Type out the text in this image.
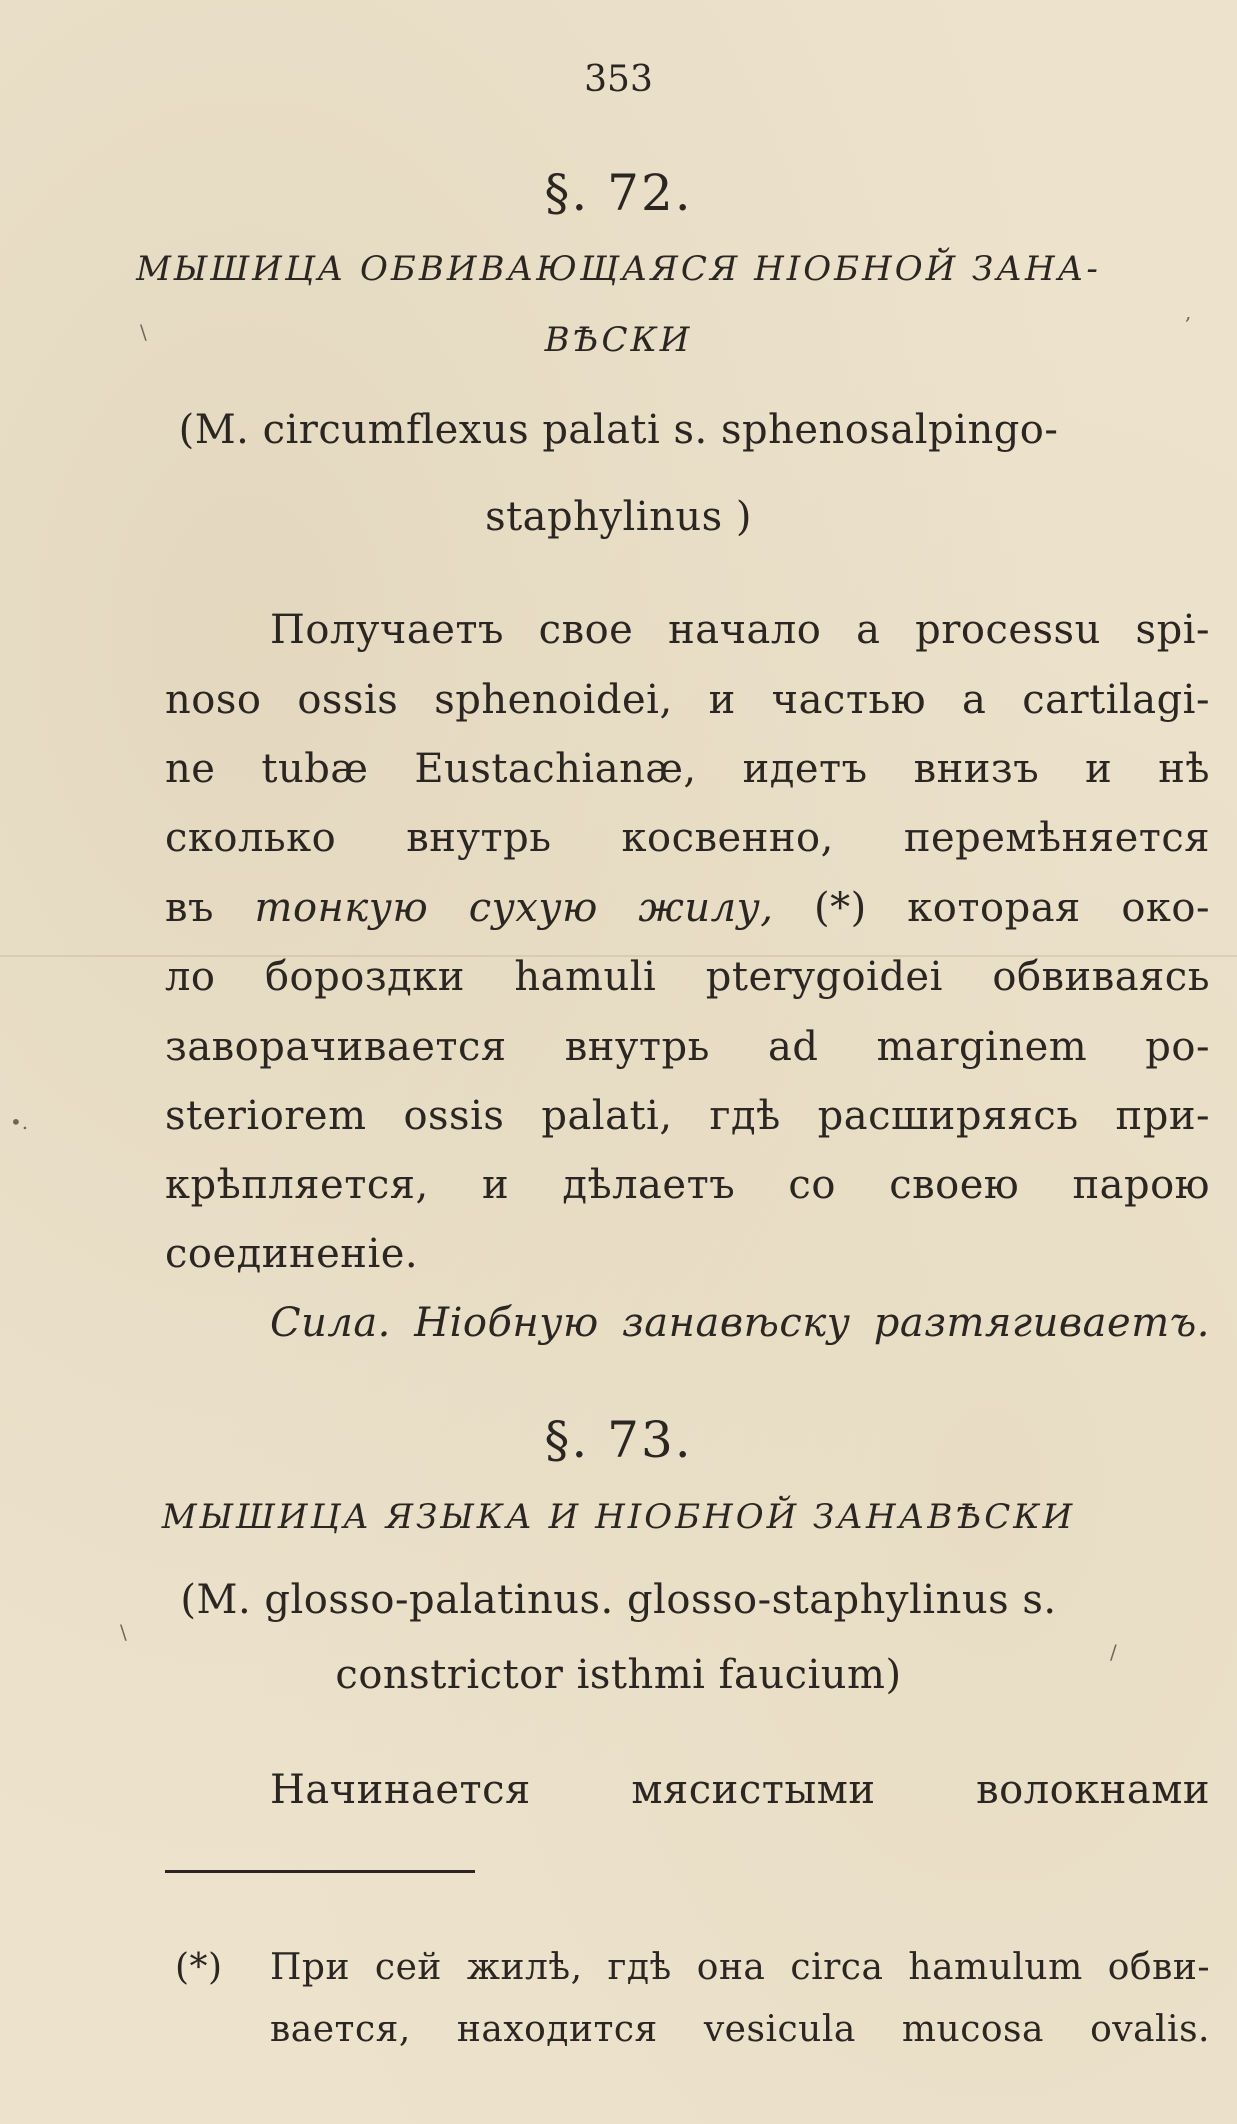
353
§. 72.
МЫШИЦА ОБВИВАЮЩАЯСЯ НIОБНОЙ ЗАНА-
ВѢСКИ
(M. circumflexus palati s. sphenosalpingo-
staphylinus )
Получаетъ свое начало a processu spi-
noso ossis sphenoidei, и частью a cartilagi-
ne tubæ Eustachianæ, идетъ внизъ и нѣ
сколько внутрь косвенно, перемѣняется
въ тонкую сухую жилу, (*) которая око-
ло бороздки hamuli pterygoidei обвиваясь
заворачивается внутрь ad marginem po-
steriorem ossis palati, гдѣ расширяясь при-
крѣпляется, и дѣлаетъ со своею парою
соединенiе.
Сила. Нiобную занавѣску разтягиваетъ.
§. 73.
МЫШИЦА ЯЗЫКА И НIОБНОЙ ЗАНАВѢСКИ
(M. glosso-palatinus. glosso-staphylinus s.
constrictor isthmi faucium)
Начинается мясистыми волокнами
(*) При сей жилѣ, гдѣ она circa hamulum обви-
вается, находится vesicula mucosa ovalis.
\
,
•.
\
/
